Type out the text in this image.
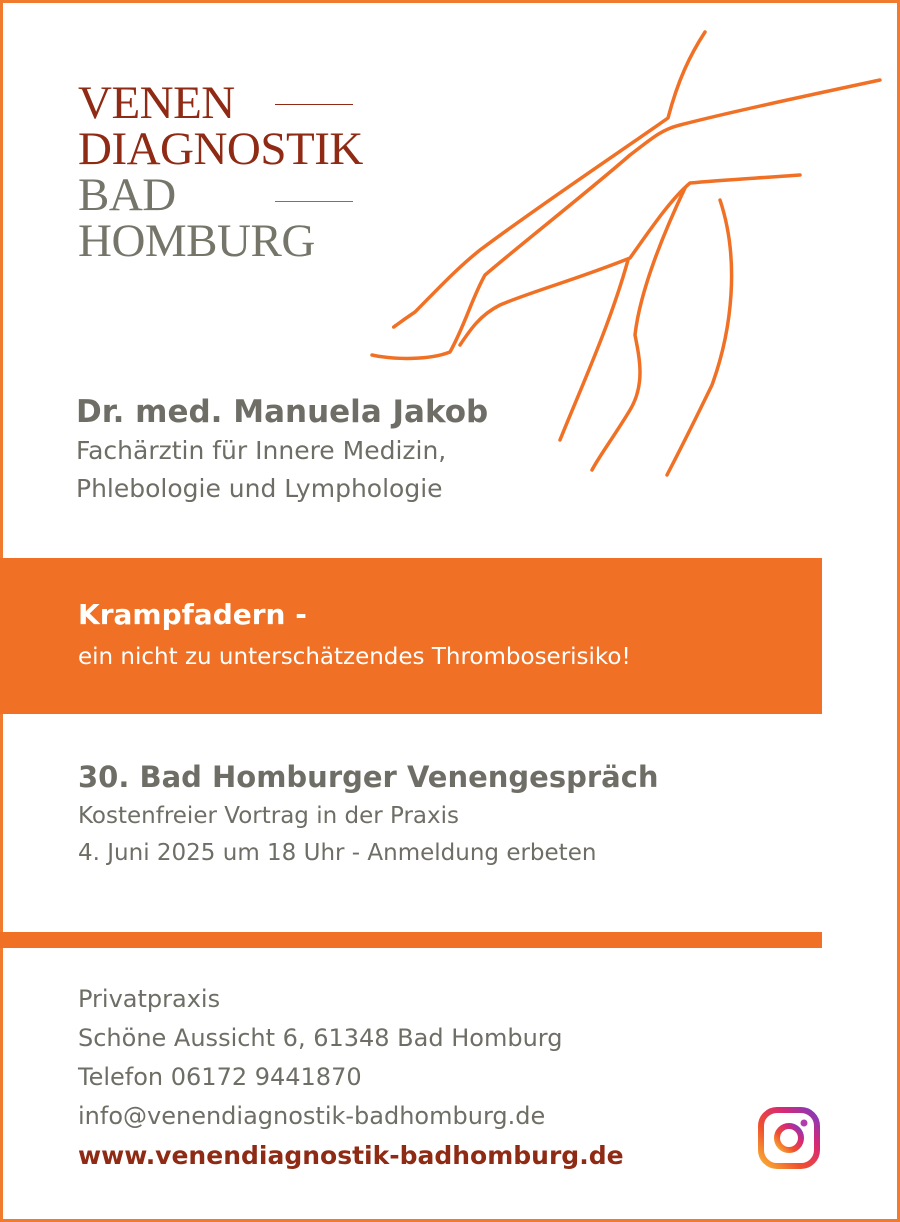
VENEN
DIAGNOSTIK
BAD
HOMBURG
Dr. med. Manuela Jakob
Fachärztin für Innere Medizin,
Phlebologie und Lymphologie
Krampfadern -
ein nicht zu unterschätzendes Thromboserisiko!
30. Bad Homburger Venengespräch
Kostenfreier Vortrag in der Praxis
4. Juni 2025 um 18 Uhr - Anmeldung erbeten
Privatpraxis
Schöne Aussicht 6, 61348 Bad Homburg
Telefon 06172 9441870
info@venendiagnostik-badhomburg.de
www.venendiagnostik-badhomburg.de
